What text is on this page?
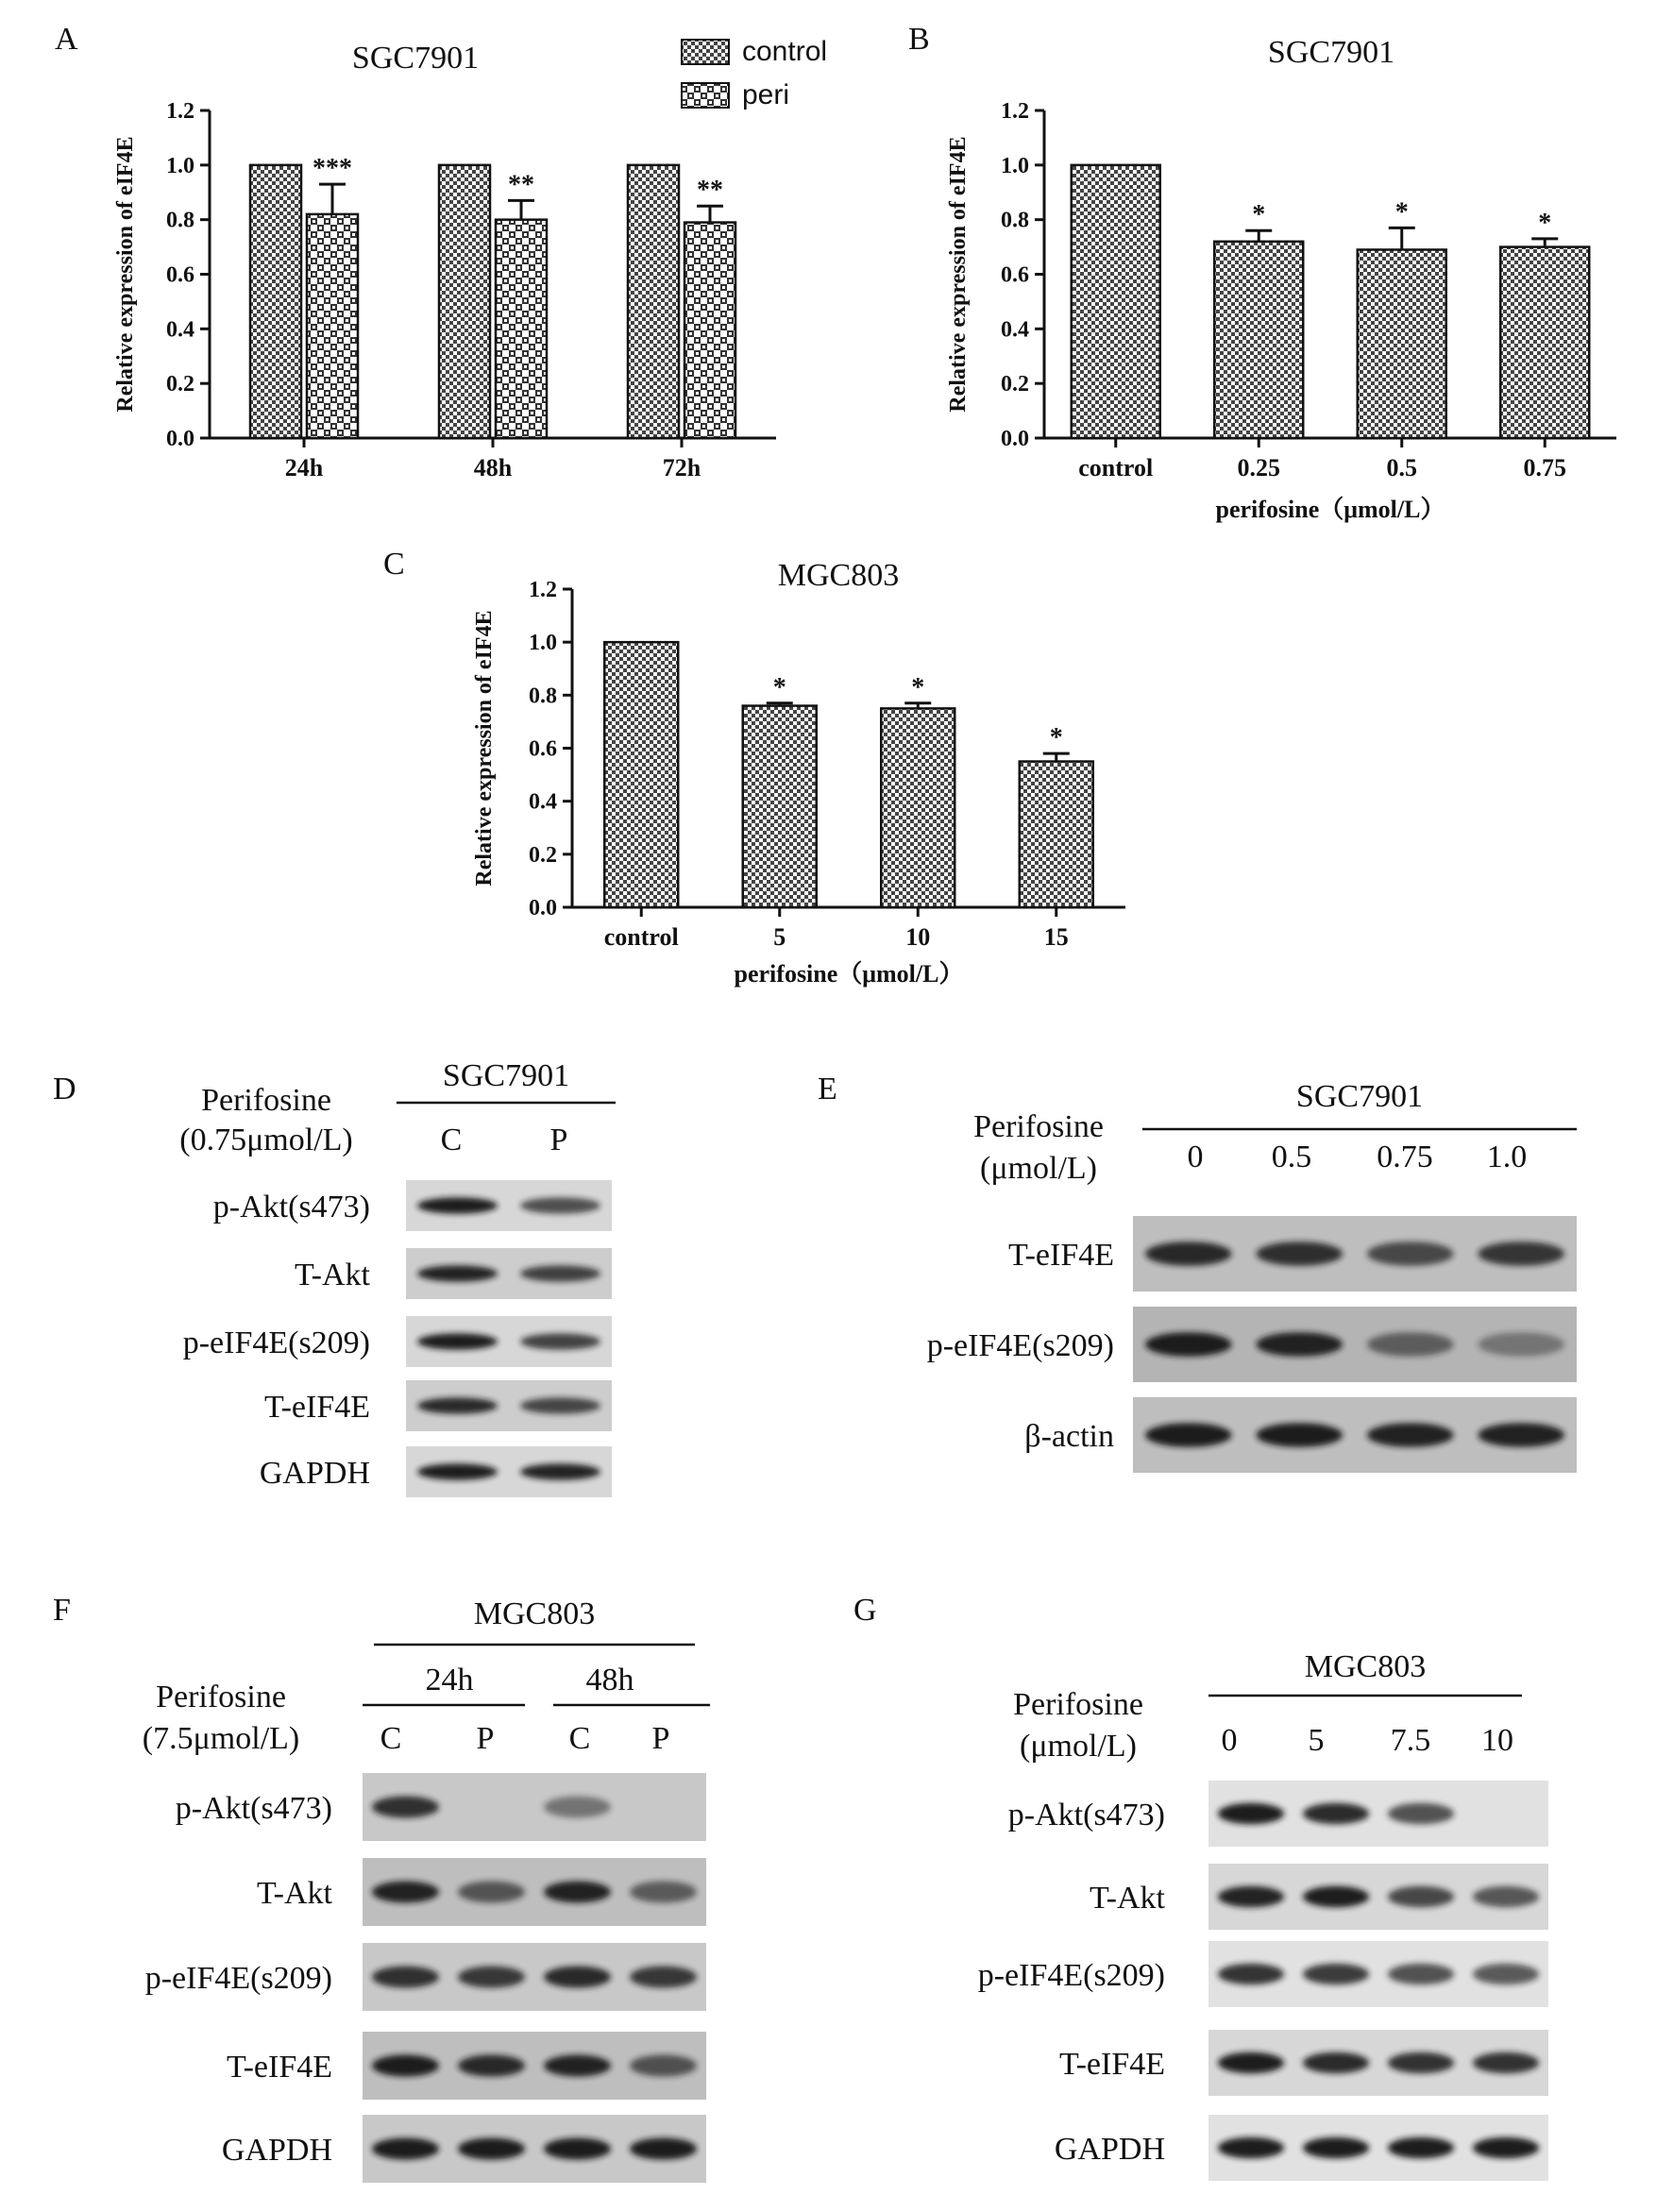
A	B
C
D	E
F	G
SGC7901
0.0
0.2
0.4
0.6
0.8
1.0
1.2
Relative expression of eIF4E
24h	48h	72h
***
**	**
control
peri
SGC7901
0.0
0.2
0.4
0.6
0.8
1.0
1.2
Relative expression of eIF4E
control	0.25	0.5	0.75
*	*	*
perifosine（μmol/L）
MGC803
0.0
0.2
0.4
0.6
0.8
1.0
1.2
Relative expression of eIF4E
control	5	10	15
*	*
*
perifosine（μmol/L）
SGC7901
Perifosine
(0.75μmol/L)	C	P
p-Akt(s473)
T-Akt
p-eIF4E(s209)
T-eIF4E
GAPDH
SGC7901
Perifosine
(μmol/L)	0 0.5 0.75 1.0
T-eIF4E
p-eIF4E(s209)
β-actin
MGC803
Perifosine
(7.5μmol/L)
24h	48h
C P C P
p-Akt(s473)
T-Akt
p-eIF4E(s209)
T-eIF4E
GAPDH
MGC803
Perifosine
(μmol/L)	0 5 7.5 10
p-Akt(s473)
T-Akt
p-eIF4E(s209)
T-eIF4E
GAPDH
